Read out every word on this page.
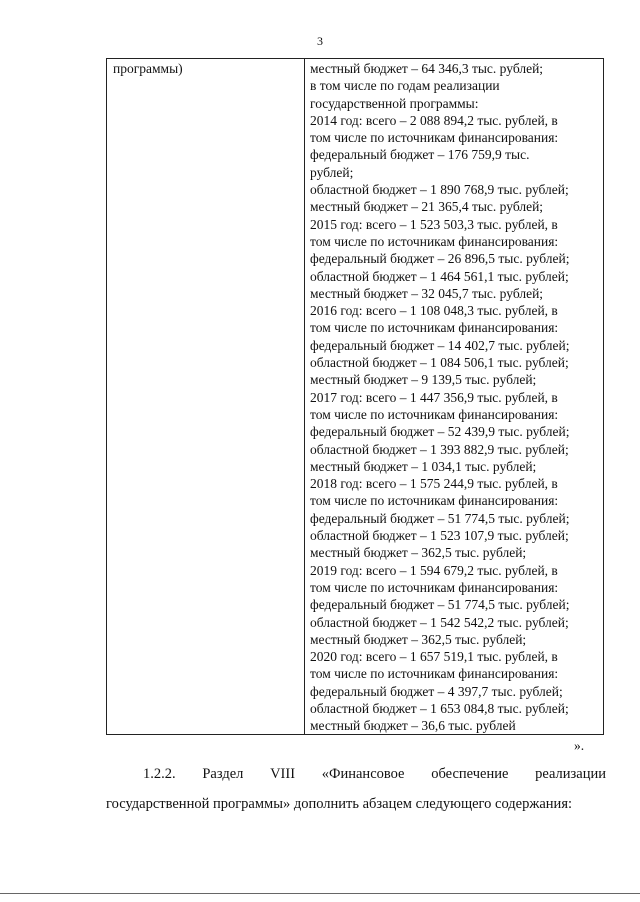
3
программы)	местный бюджет – 64 346,3 тыс. рублей;
в том числе по годам реализации
государственной программы:
2014 год: всего – 2 088 894,2 тыс. рублей, в
том числе по источникам финансирования:
федеральный бюджет – 176 759,9 тыс.
рублей;
областной бюджет – 1 890 768,9 тыс. рублей;
местный бюджет – 21 365,4 тыс. рублей;
2015 год: всего – 1 523 503,3 тыс. рублей, в
том числе по источникам финансирования:
федеральный бюджет – 26 896,5 тыс. рублей;
областной бюджет – 1 464 561,1 тыс. рублей;
местный бюджет – 32 045,7 тыс. рублей;
2016 год: всего – 1 108 048,3 тыс. рублей, в
том числе по источникам финансирования:
федеральный бюджет – 14 402,7 тыс. рублей;
областной бюджет – 1 084 506,1 тыс. рублей;
местный бюджет – 9 139,5 тыс. рублей;
2017 год: всего – 1 447 356,9 тыс. рублей, в
том числе по источникам финансирования:
федеральный бюджет – 52 439,9 тыс. рублей;
областной бюджет – 1 393 882,9 тыс. рублей;
местный бюджет – 1 034,1 тыс. рублей;
2018 год: всего – 1 575 244,9 тыс. рублей, в
том числе по источникам финансирования:
федеральный бюджет – 51 774,5 тыс. рублей;
областной бюджет – 1 523 107,9 тыс. рублей;
местный бюджет – 362,5 тыс. рублей;
2019 год: всего – 1 594 679,2 тыс. рублей, в
том числе по источникам финансирования:
федеральный бюджет – 51 774,5 тыс. рублей;
областной бюджет – 1 542 542,2 тыс. рублей;
местный бюджет – 362,5 тыс. рублей;
2020 год: всего – 1 657 519,1 тыс. рублей, в
том числе по источникам финансирования:
федеральный бюджет – 4 397,7 тыс. рублей;
областной бюджет – 1 653 084,8 тыс. рублей;
местный бюджет – 36,6 тыс. рублей
».
1.2.2. Раздел VIII «Финансовое обеспечение реализации
государственной программы» дополнить абзацем следующего содержания:
